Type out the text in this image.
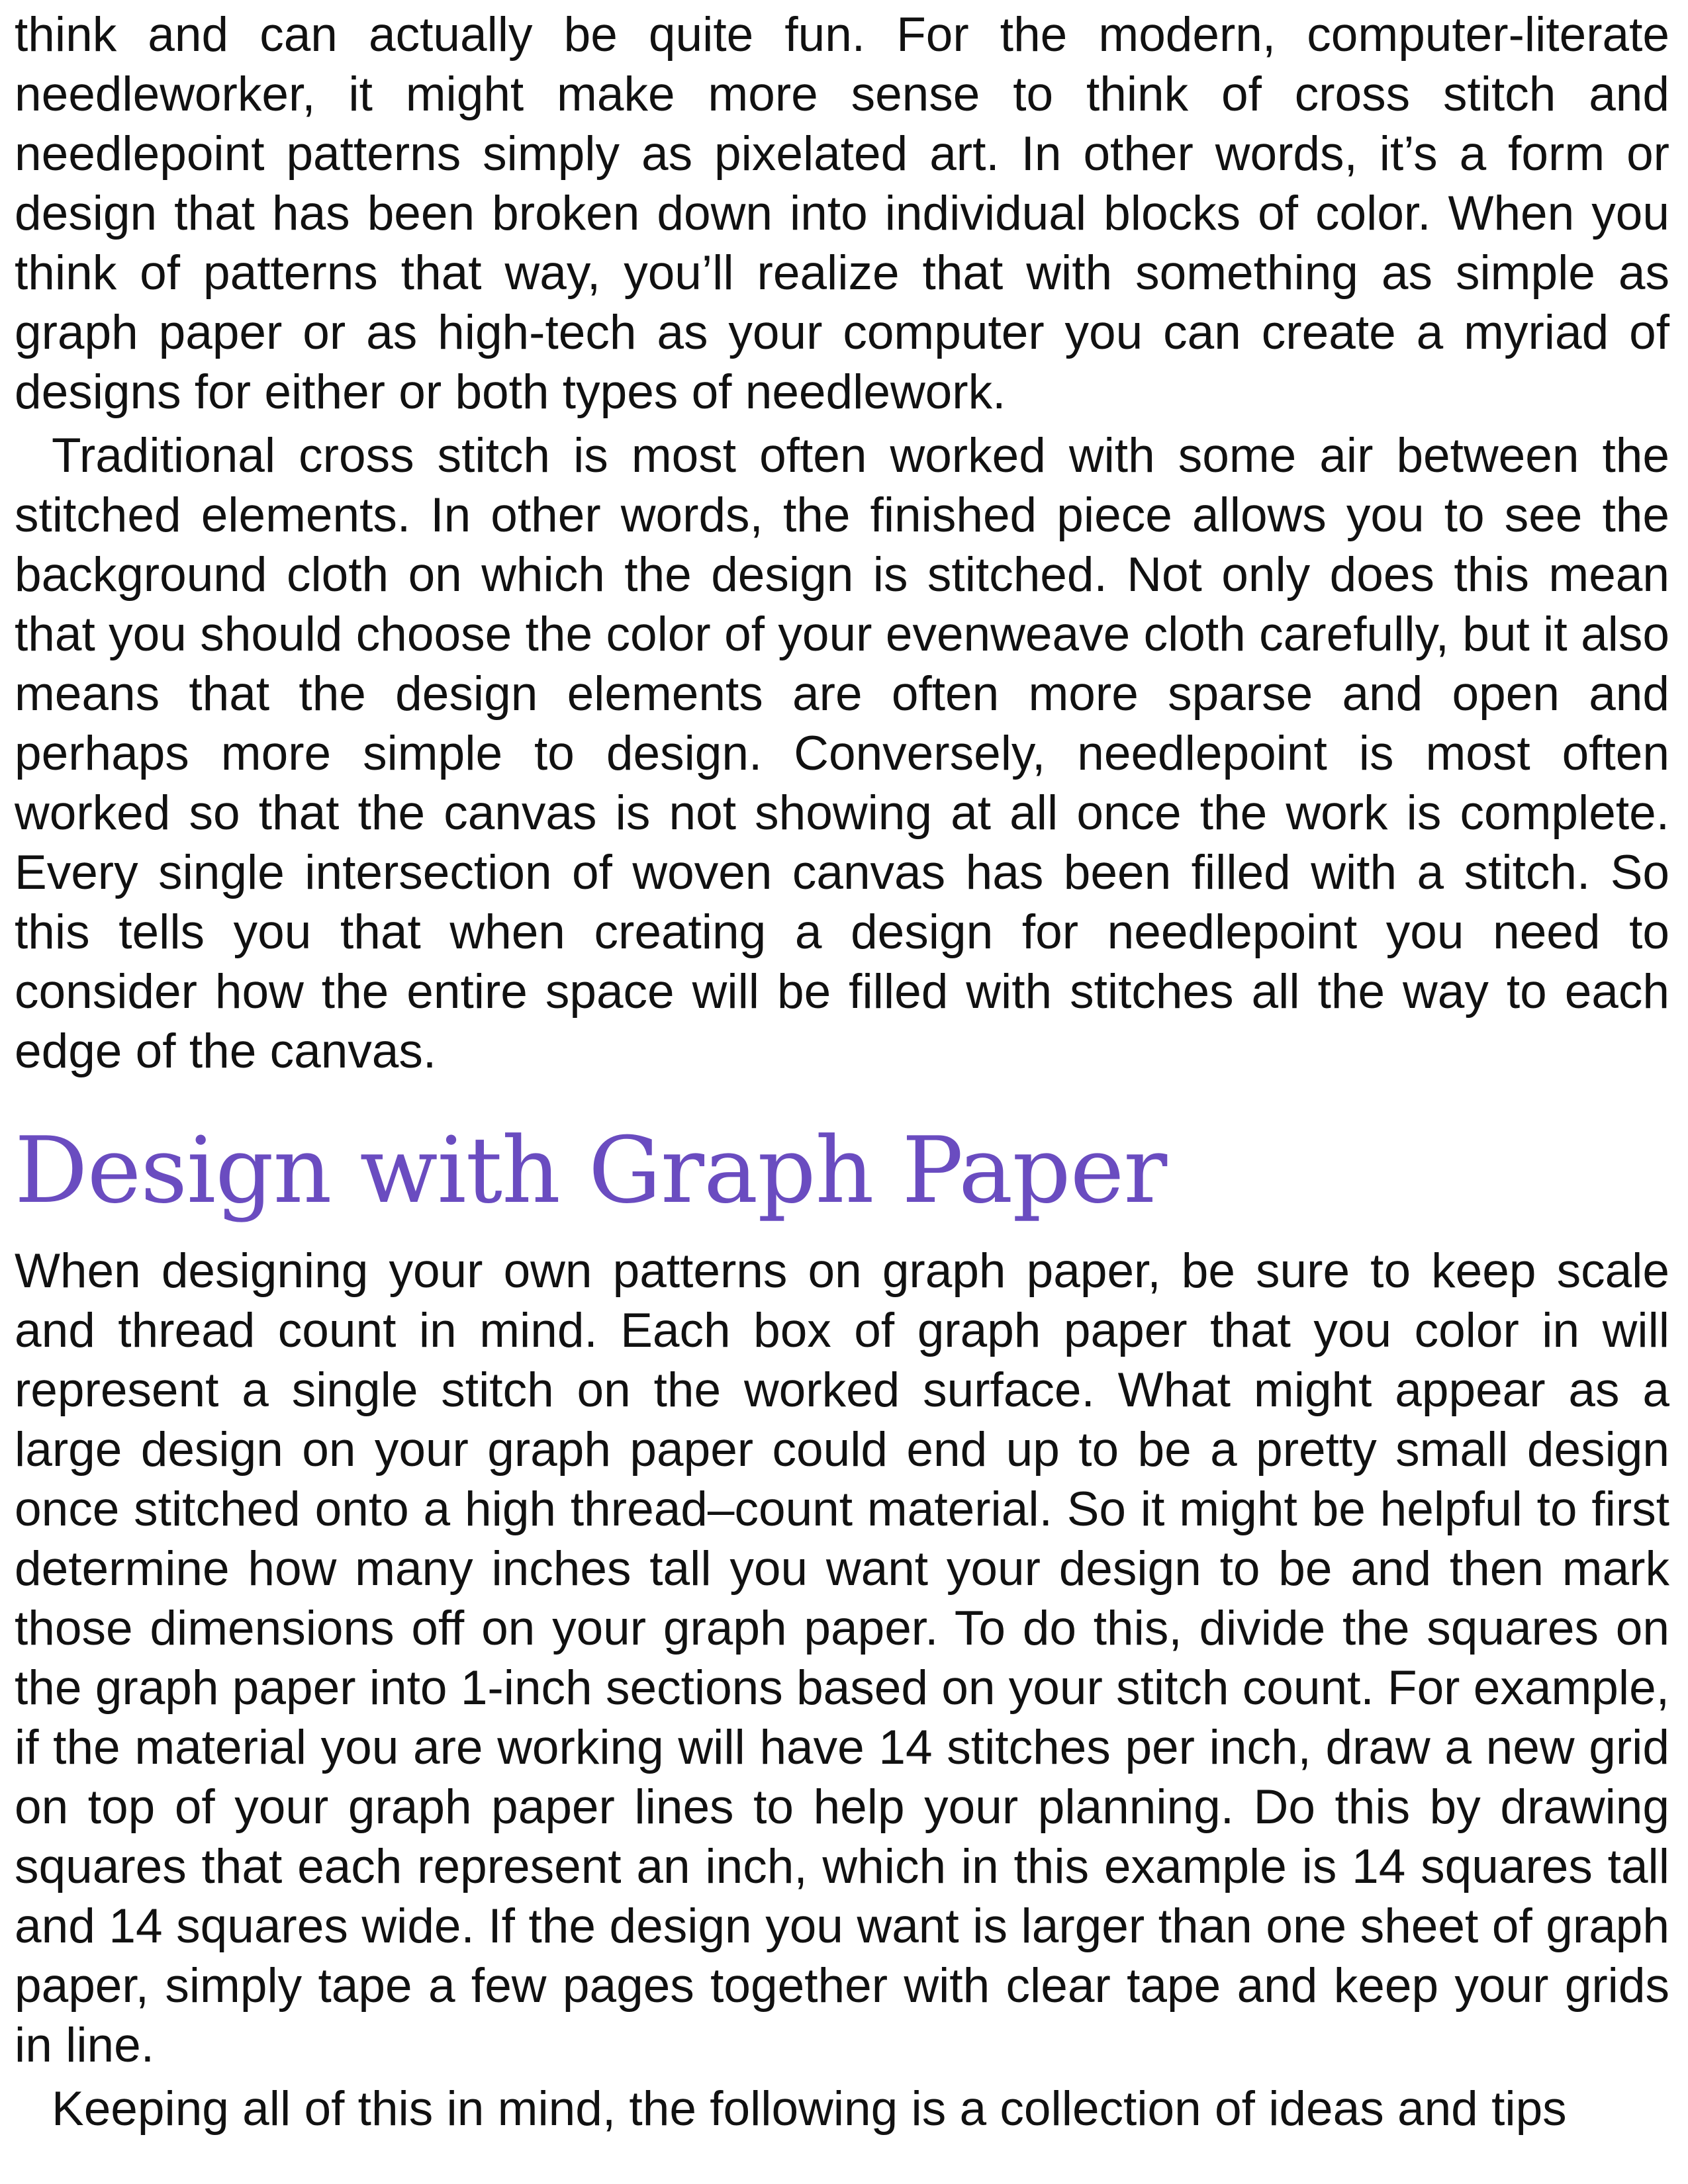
think and can actually be quite fun. For the modern, computer-literate needleworker, it might make more sense to think of cross stitch and needlepoint patterns simply as pixelated art. In other words, it’s a form or design that has been broken down into individual blocks of color. When you think of patterns that way, you’ll realize that with something as simple as graph paper or as high-tech as your computer you can create a myriad of designs for either or both types of needlework.

Traditional cross stitch is most often worked with some air between the stitched elements. In other words, the finished piece allows you to see the background cloth on which the design is stitched. Not only does this mean that you should choose the color of your evenweave cloth carefully, but it also means that the design elements are often more sparse and open and perhaps more simple to design. Conversely, needlepoint is most often worked so that the canvas is not showing at all once the work is complete. Every single intersection of woven canvas has been filled with a stitch. So this tells you that when creating a design for needlepoint you need to consider how the entire space will be filled with stitches all the way to each edge of the canvas.

Design with Graph Paper

When designing your own patterns on graph paper, be sure to keep scale and thread count in mind. Each box of graph paper that you color in will represent a single stitch on the worked surface. What might appear as a large design on your graph paper could end up to be a pretty small design once stitched onto a high thread–count material. So it might be helpful to first determine how many inches tall you want your design to be and then mark those dimensions off on your graph paper. To do this, divide the squares on the graph paper into 1-inch sections based on your stitch count. For example, if the material you are working will have 14 stitches per inch, draw a new grid on top of your graph paper lines to help your planning. Do this by drawing squares that each represent an inch, which in this example is 14 squares tall and 14 squares wide. If the design you want is larger than one sheet of graph paper, simply tape a few pages together with clear tape and keep your grids in line.

Keeping all of this in mind, the following is a collection of ideas and tips
